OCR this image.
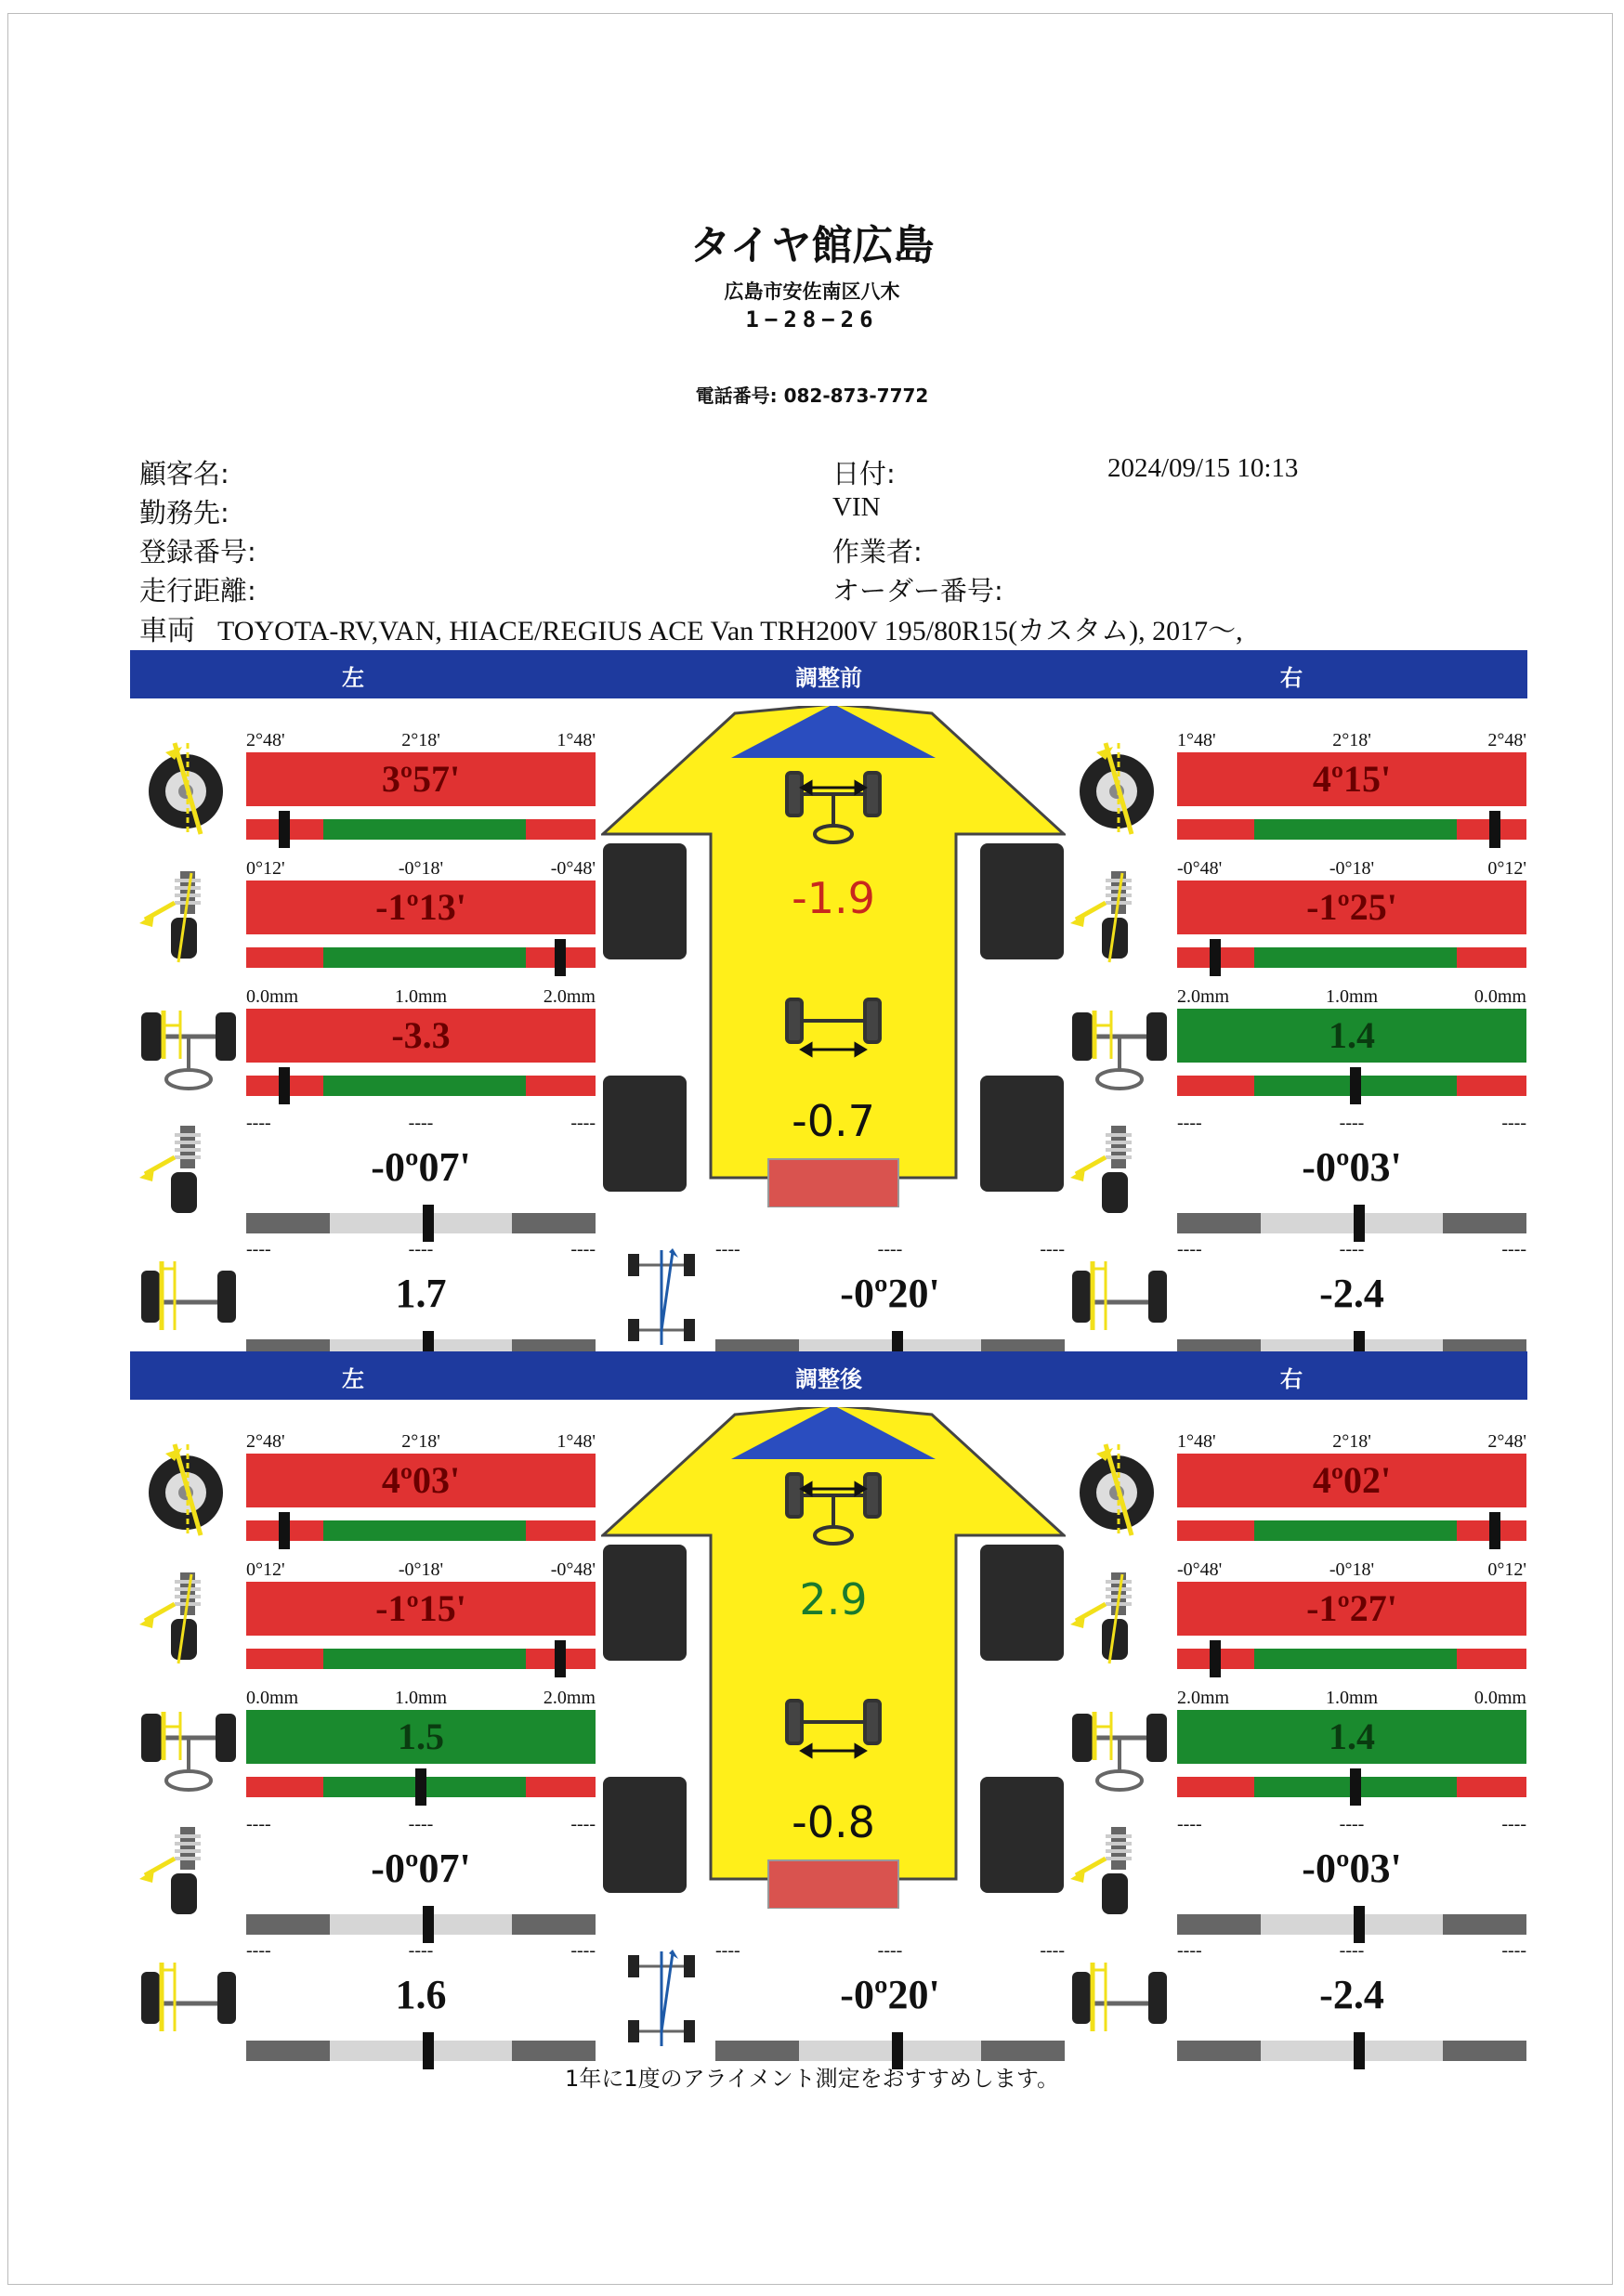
タイヤ館広島
広島市安佐南区八木
1−28−26
電話番号: 082-873-7772
顧客名:
勤務先:
登録番号:
走行距離:
日付:	2024/09/15 10:13
VIN
作業者:
オーダー番号:
車両 TOYOTA-RV,VAN, HIACE/REGIUS ACE Van TRH200V 195/80R15(カスタム), 2017〜,
左	調整前	右
-1.9
-0.7
2°48'	2°18'	1°48'
3º57'
0°12'	-0°18'	-0°48'
-1º13'
0.0mm	1.0mm	2.0mm
-3.3
----	----	----
-0º07'
----	----	----
1.7
1°48'	2°18'	2°48'
4º15'
-0°48'	-0°18'	0°12'
-1º25'
2.0mm	1.0mm	0.0mm
1.4
----	----	----
-0º03'
----	----	----
-2.4
----	----	----
-0º20'
左	調整後	右
2.9
-0.8
2°48'	2°18'	1°48'
4º03'
0°12'	-0°18'	-0°48'
-1º15'
0.0mm	1.0mm	2.0mm
1.5
----	----	----
-0º07'
----	----	----
1.6
1°48'	2°18'	2°48'
4º02'
-0°48'	-0°18'	0°12'
-1º27'
2.0mm	1.0mm	0.0mm
1.4
----	----	----
-0º03'
----	----	----
-2.4
----	----	----
-0º20'
1年に1度のアライメント測定をおすすめします。
